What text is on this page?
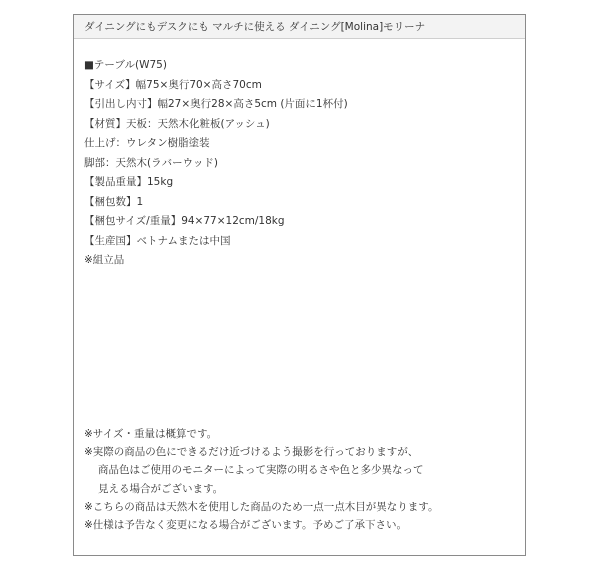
ダイニングにもデスクにも マルチに使える ダイニング[Molina]モリーナ
■テーブル(W75)
【サイズ】幅75×奥行70×高さ70cm
【引出し内寸】幅27×奥行28×高さ5cm (片面に1杯付)
【材質】天板：天然木化粧板(アッシュ)
仕上げ：ウレタン樹脂塗装
脚部：天然木(ラバーウッド)
【製品重量】15kg
【梱包数】1
【梱包サイズ/重量】94×77×12cm/18kg
【生産国】ベトナムまたは中国
※組立品
※サイズ・重量は概算です。
※実際の商品の色にできるだけ近づけるよう撮影を行っておりますが、
商品色はご使用のモニターによって実際の明るさや色と多少異なって
見える場合がございます。
※こちらの商品は天然木を使用した商品のため一点一点木目が異なります。
※仕様は予告なく変更になる場合がございます。予めご了承下さい。
